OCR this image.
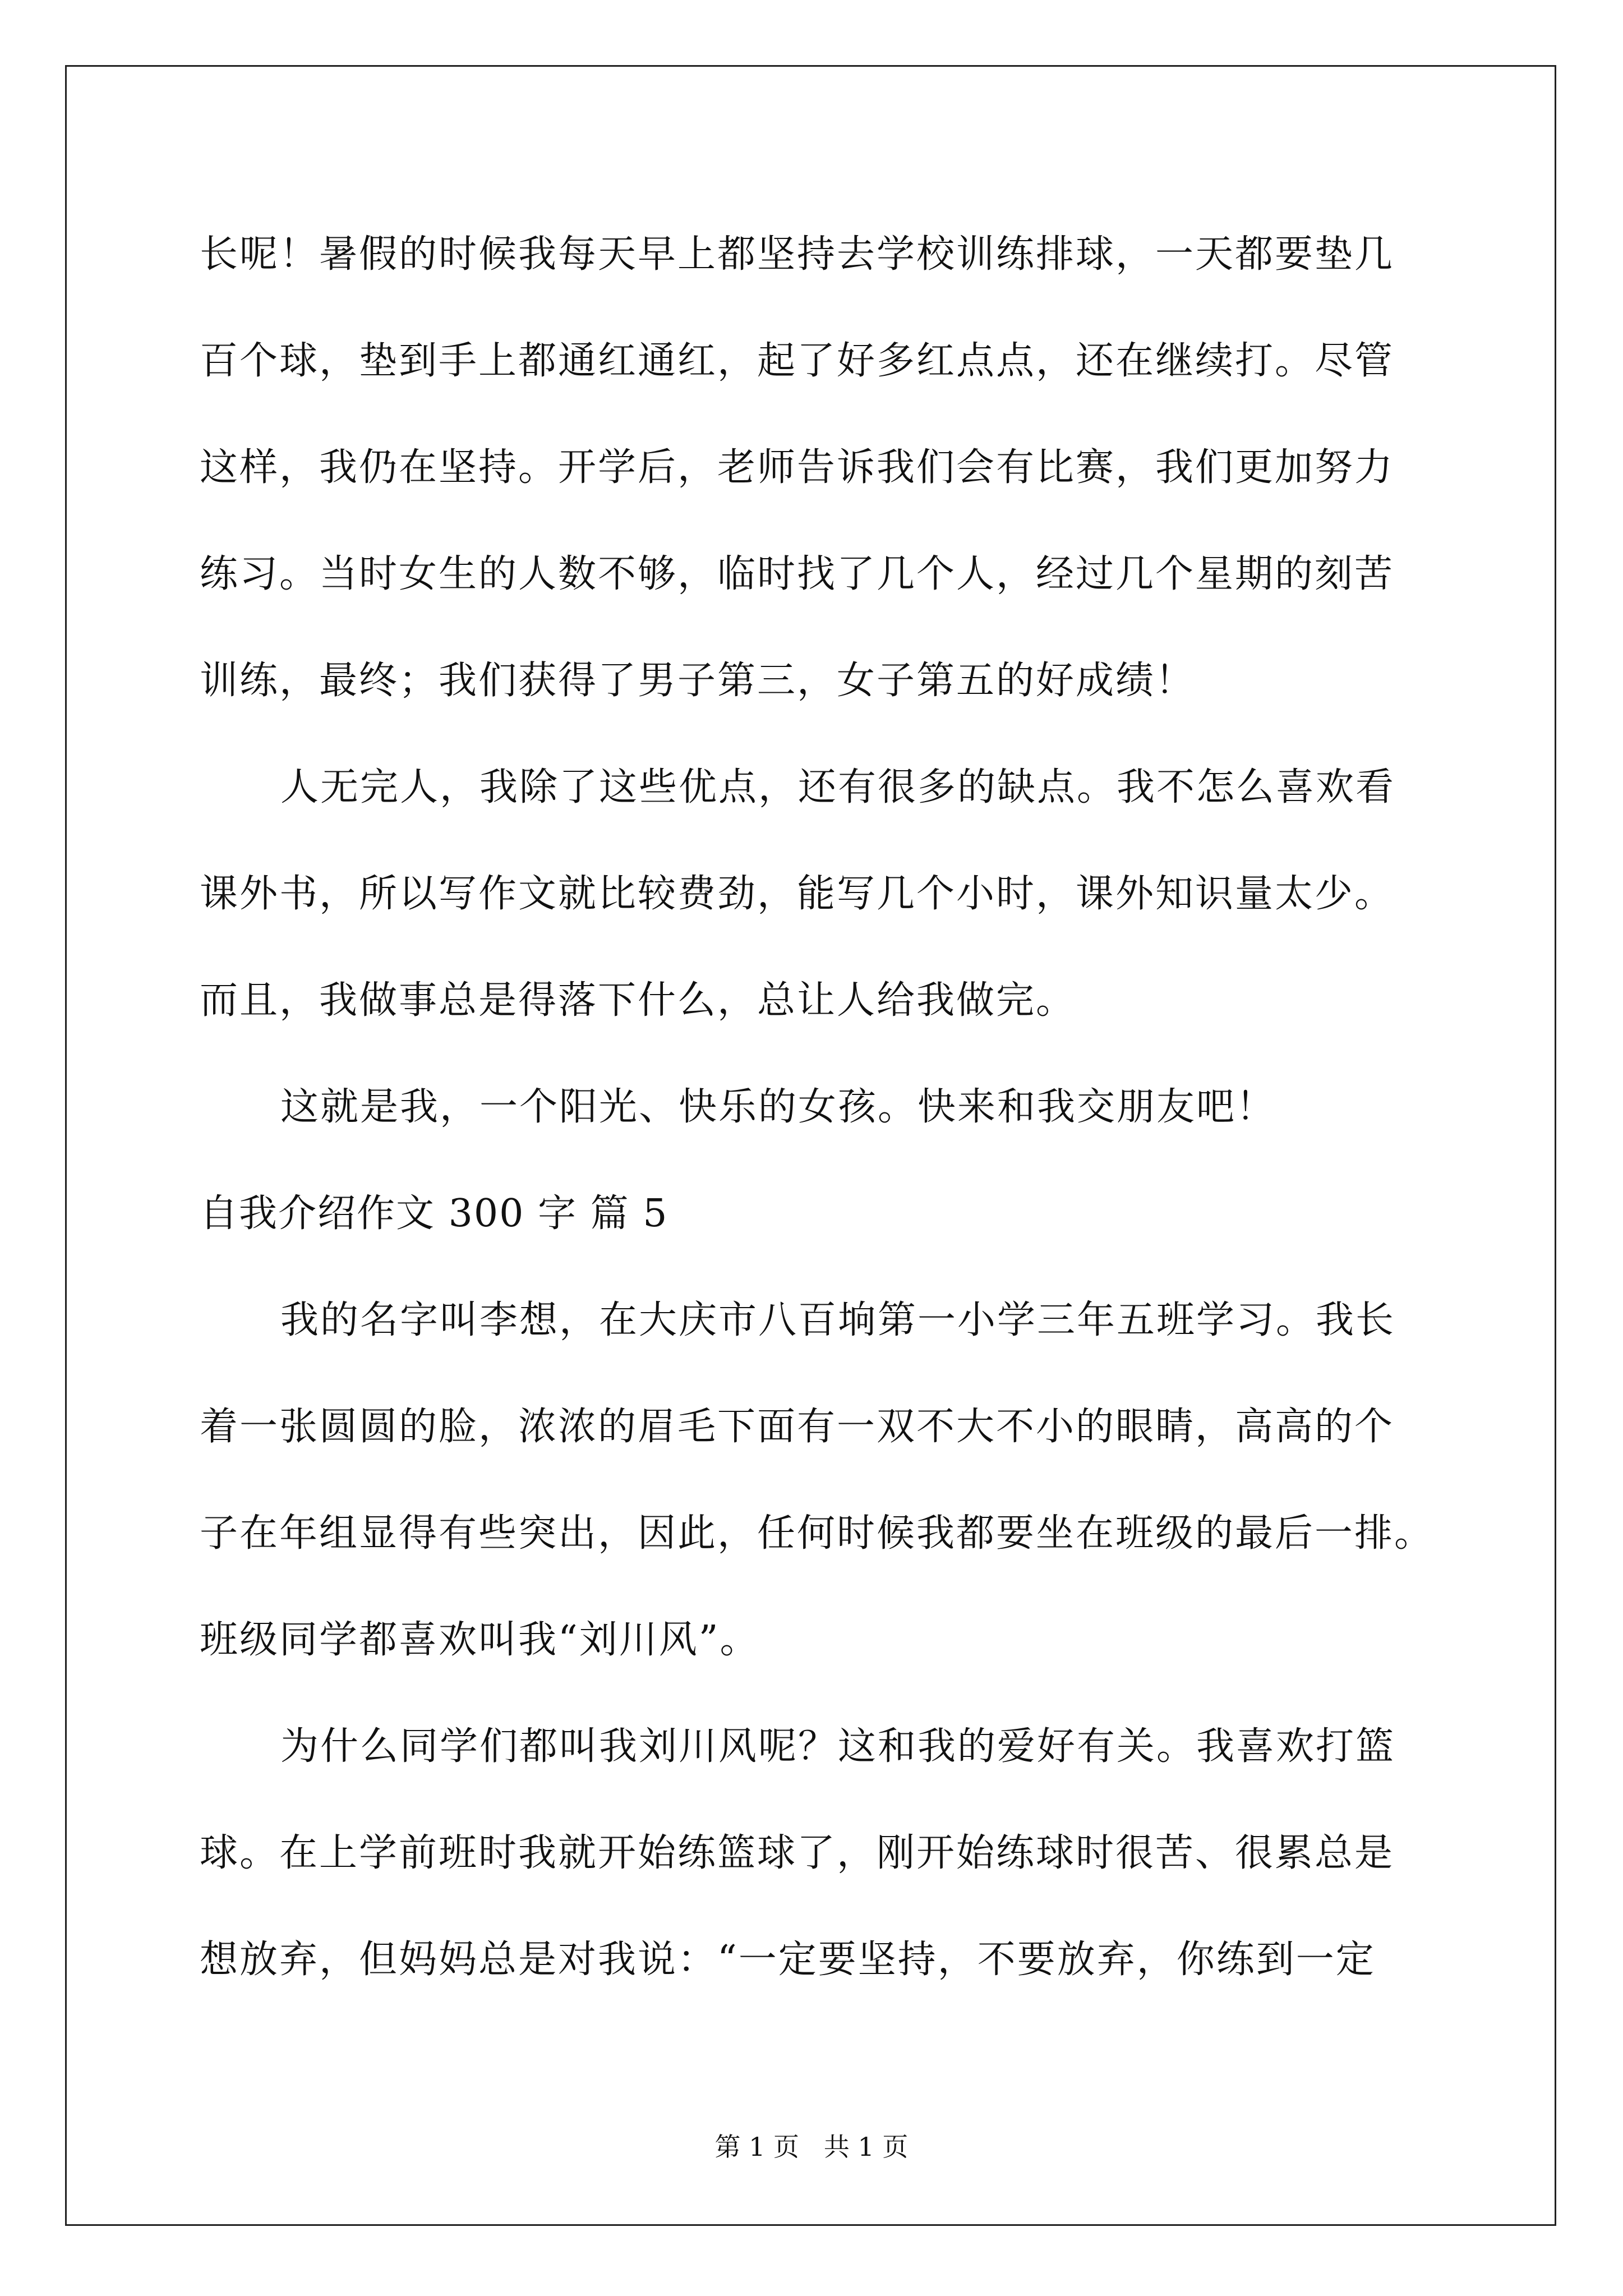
长呢！暑假的时候我每天早上都坚持去学校训练排球，一天都要垫几
百个球，垫到手上都通红通红，起了好多红点点，还在继续打。尽管
这样，我仍在坚持。开学后，老师告诉我们会有比赛，我们更加努力
练习。当时女生的人数不够，临时找了几个人，经过几个星期的刻苦
训练，最终；我们获得了男子第三，女子第五的好成绩！
人无完人，我除了这些优点，还有很多的缺点。我不怎么喜欢看
课外书，所以写作文就比较费劲，能写几个小时，课外知识量太少。
而且，我做事总是得落下什么，总让人给我做完。
这就是我，一个阳光、快乐的女孩。快来和我交朋友吧！
自我介绍作文 300 字 篇 5
我的名字叫李想，在大庆市八百垧第一小学三年五班学习。我长
着一张圆圆的脸，浓浓的眉毛下面有一双不大不小的眼睛，高高的个
子在年组显得有些突出，因此，任何时候我都要坐在班级的最后一排。
班级同学都喜欢叫我“刘川风”。
为什么同学们都叫我刘川风呢？这和我的爱好有关。我喜欢打篮
球。在上学前班时我就开始练篮球了，刚开始练球时很苦、很累总是
想放弃，但妈妈总是对我说：“一定要坚持，不要放弃，你练到一定
第 1 页   共 1 页
